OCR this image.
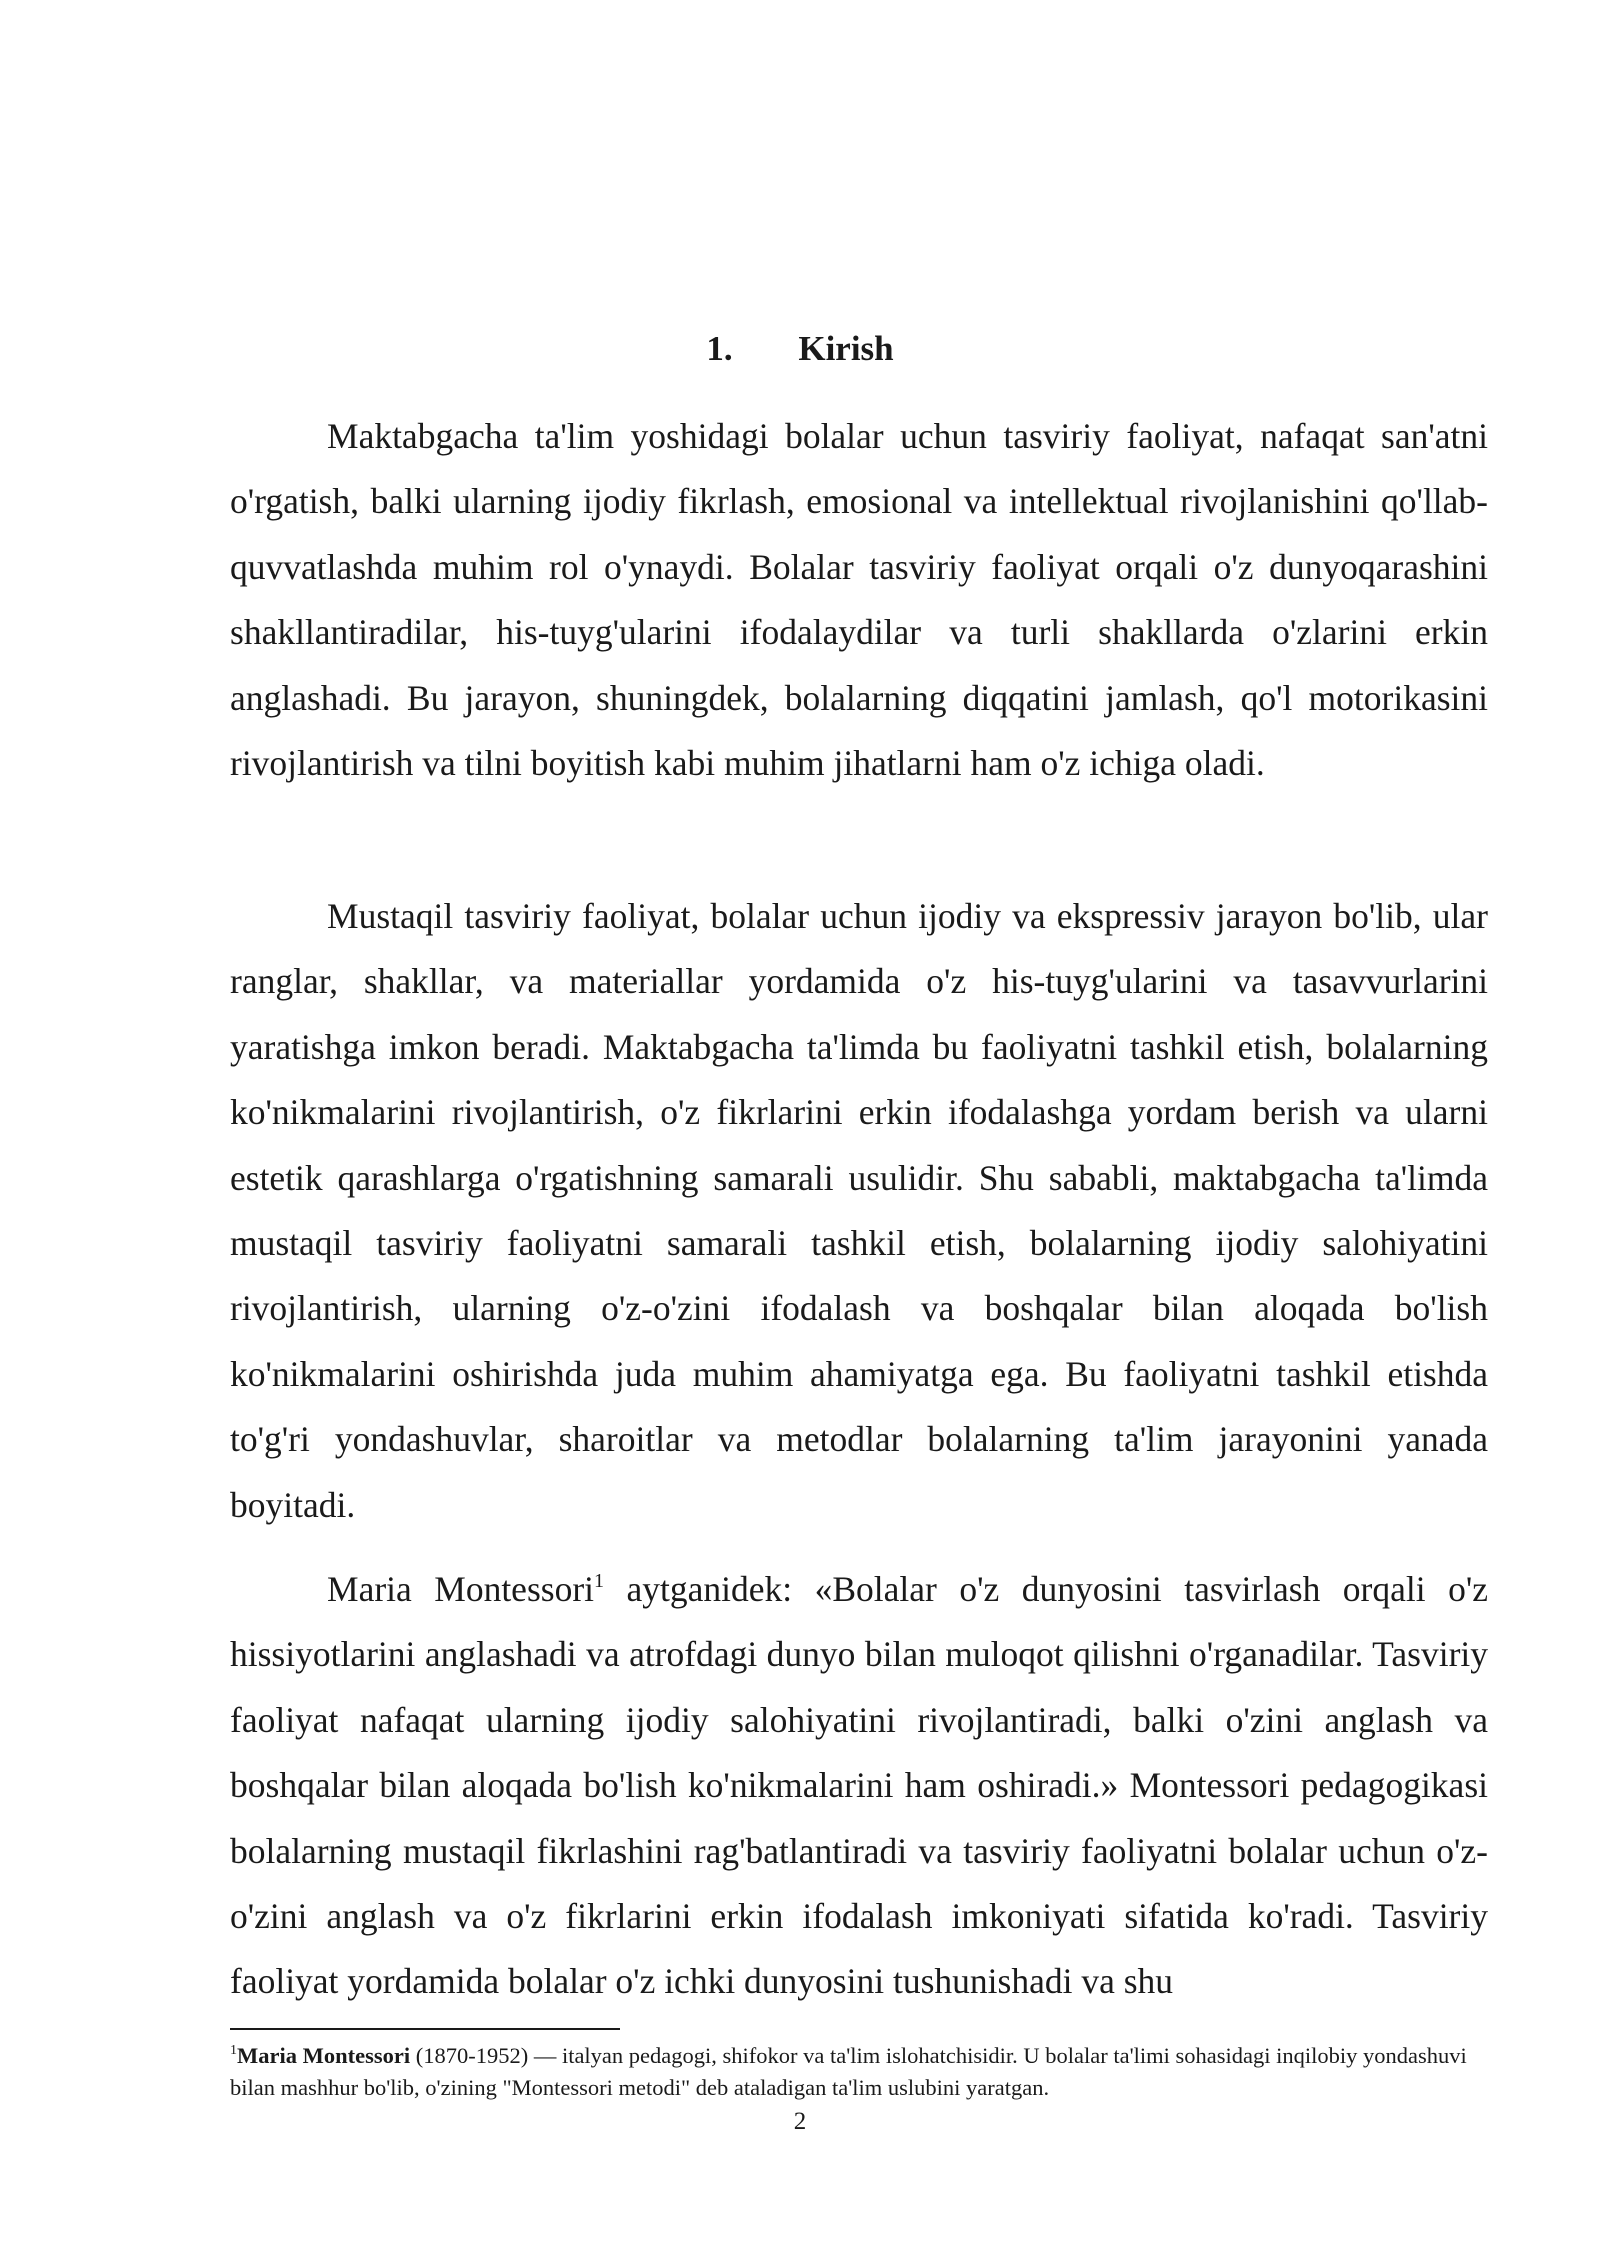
1. Kirish

Maktabgacha ta'lim yoshidagi bolalar uchun tasviriy faoliyat, nafaqat san'atni o'rgatish, balki ularning ijodiy fikrlash, emosional va intellektual rivojlanishini qo'llab-quvvatlashda muhim rol o'ynaydi. Bolalar tasviriy faoliyat orqali o'z dunyoqarashini shakllantiradilar, his-tuyg'ularini ifodalaydilar va turli shakllarda o'zlarini erkin anglashadi. Bu jarayon, shuningdek, bolalarning diqqatini jamlash, qo'l motorikasini rivojlantirish va tilni boyitish kabi muhim jihatlarni ham o'z ichiga oladi.

Mustaqil tasviriy faoliyat, bolalar uchun ijodiy va ekspressiv jarayon bo'lib, ular ranglar, shakllar, va materiallar yordamida o'z his-tuyg'ularini va tasavvurlarini yaratishga imkon beradi. Maktabgacha ta'limda bu faoliyatni tashkil etish, bolalarning ko'nikmalarini rivojlantirish, o'z fikrlarini erkin ifodalashga yordam berish va ularni estetik qarashlarga o'rgatishning samarali usulidir. Shu sababli, maktabgacha ta'limda mustaqil tasviriy faoliyatni samarali tashkil etish, bolalarning ijodiy salohiyatini rivojlantirish, ularning o'z-o'zini ifodalash va boshqalar bilan aloqada bo'lish ko'nikmalarini oshirishda juda muhim ahamiyatga ega. Bu faoliyatni tashkil etishda to'g'ri yondashuvlar, sharoitlar va metodlar bolalarning ta'lim jarayonini yanada boyitadi.

Maria Montessori$^1$ aytganidek: «Bolalar o'z dunyosini tasvirlash orqali o'z hissiyotlarini anglashadi va atrofdagi dunyo bilan muloqot qilishni o'rganadilar. Tasviriy faoliyat nafaqat ularning ijodiy salohiyatini rivojlantiradi, balki o'zini anglash va boshqalar bilan aloqada bo'lish ko'nikmalarini ham oshiradi.» Montessori pedagogikasi bolalarning mustaqil fikrlashini rag'batlantiradi va tasviriy faoliyatni bolalar uchun o'z-o'zini anglash va o'z fikrlarini erkin ifodalash imkoniyati sifatida ko'radi. Tasviriy faoliyat yordamida bolalar o'z ichki dunyosini tushunishadi va shu

$^1$Maria Montessori (1870-1952) — italyan pedagogi, shifokor va ta'lim islohatchisidir. U bolalar ta'limi sohasidagi inqilobiy yondashuvi bilan mashhur bo'lib, o'zining "Montessori metodi" deb ataladigan ta'lim uslubini yaratgan.
2
